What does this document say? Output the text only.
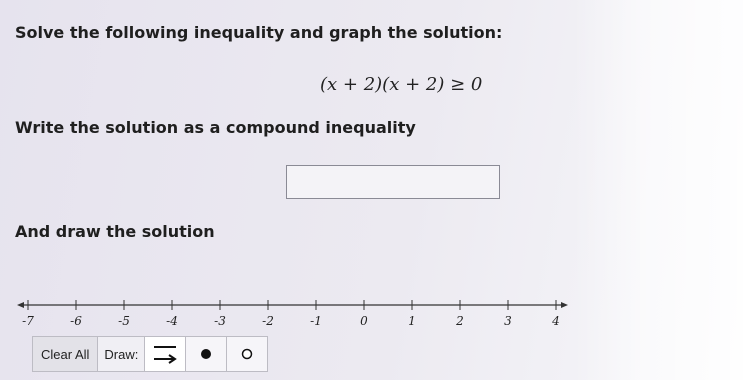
Solve the following inequality and graph the solution:
(x + 2)(x + 2) ≥ 0
Write the solution as a compound inequality
And draw the solution
-7	-6	-5	-4	-3	-2	-1	0	1	2	3	4
Clear All	Draw:
